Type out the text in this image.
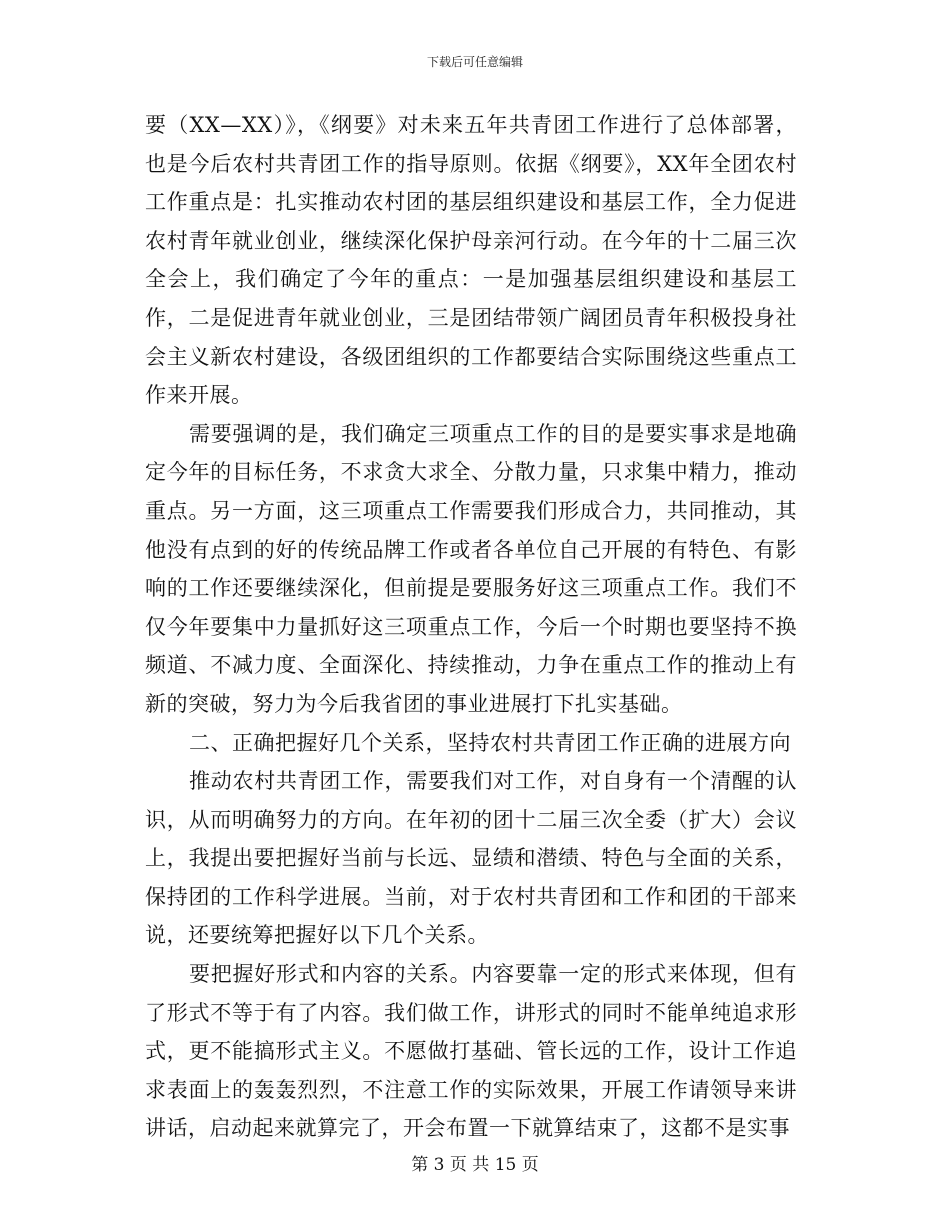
下载后可任意编辑

要（XX—XX）》，《纲要》对未来五年共青团工作进行了总体部署，也是今后农村共青团工作的指导原则。依据《纲要》，XX年全团农村工作重点是：扎实推动农村团的基层组织建设和基层工作，全力促进农村青年就业创业，继续深化保护母亲河行动。在今年的十二届三次全会上，我们确定了今年的重点：一是加强基层组织建设和基层工作，二是促进青年就业创业，三是团结带领广阔团员青年积极投身社会主义新农村建设，各级团组织的工作都要结合实际围绕这些重点工作来开展。

需要强调的是，我们确定三项重点工作的目的是要实事求是地确定今年的目标任务，不求贪大求全、分散力量，只求集中精力，推动重点。另一方面，这三项重点工作需要我们形成合力，共同推动，其他没有点到的好的传统品牌工作或者各单位自己开展的有特色、有影响的工作还要继续深化，但前提是要服务好这三项重点工作。我们不仅今年要集中力量抓好这三项重点工作，今后一个时期也要坚持不换频道、不减力度、全面深化、持续推动，力争在重点工作的推动上有新的突破，努力为今后我省团的事业进展打下扎实基础。

二、正确把握好几个关系，坚持农村共青团工作正确的进展方向

推动农村共青团工作，需要我们对工作，对自身有一个清醒的认识，从而明确努力的方向。在年初的团十二届三次全委（扩大）会议上，我提出要把握好当前与长远、显绩和潜绩、特色与全面的关系，保持团的工作科学进展。当前，对于农村共青团和工作和团的干部来说，还要统筹把握好以下几个关系。

要把握好形式和内容的关系。内容要靠一定的形式来体现，但有了形式不等于有了内容。我们做工作，讲形式的同时不能单纯追求形式，更不能搞形式主义。不愿做打基础、管长远的工作，设计工作追求表面上的轰轰烈烈，不注意工作的实际效果，开展工作请领导来讲讲话，启动起来就算完了，开会布置一下就算结束了，这都不是实事

第 3 页 共 15 页
